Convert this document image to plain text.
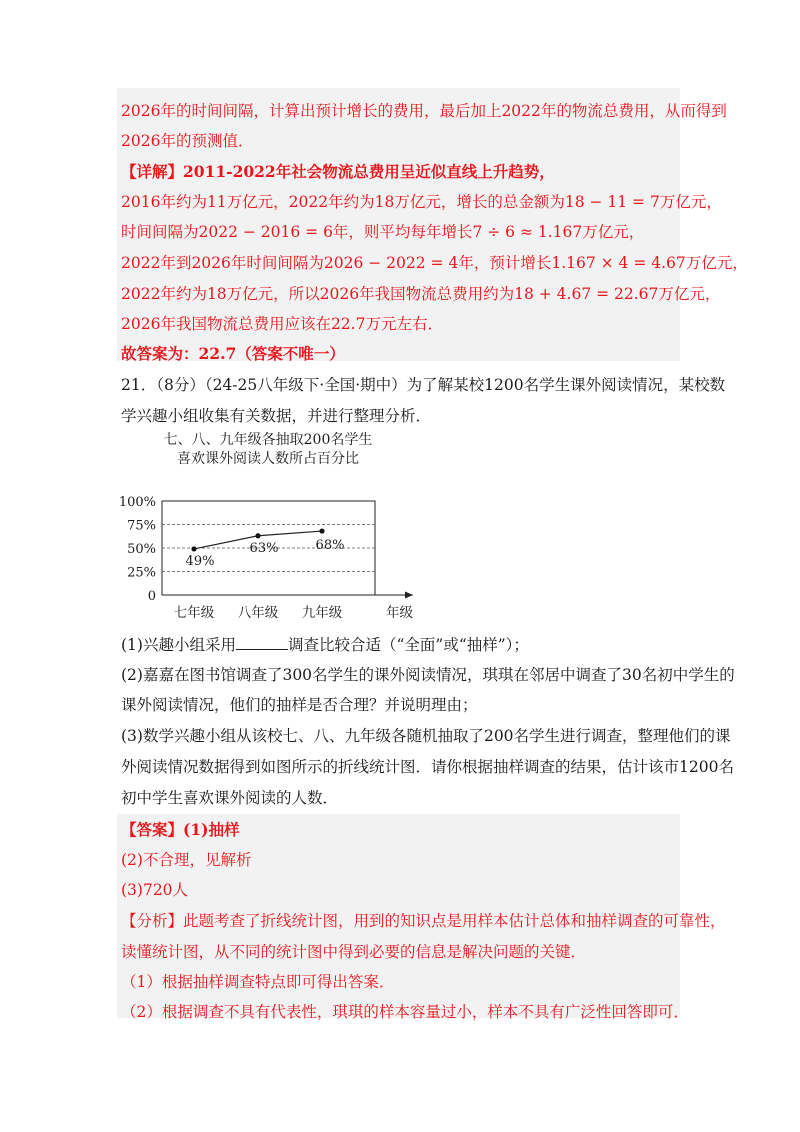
2026年的时间间隔，计算出预计增长的费用，最后加上2022年的物流总费用，从而得到
2026年的预测值．
【详解】2011-2022年社会物流总费用呈近似直线上升趋势，
2016年约为11万亿元，2022年约为18万亿元，增长的总金额为18 − 11 = 7万亿元，
时间间隔为2022 − 2016 = 6年，则平均每年增长7 ÷ 6 ≈ 1.167万亿元，
2022年到2026年时间间隔为2026 − 2022 = 4年，预计增长1.167 × 4 = 4.67万亿元，
2022年约为18万亿元，所以2026年我国物流总费用约为18 + 4.67 = 22.67万亿元，
2026年我国物流总费用应该在22.7万元左右．
故答案为：22.7（答案不唯一）
21．（8分）（24-25八年级下·全国·期中）为了解某校1200名学生课外阅读情况，某校数
学兴趣小组收集有关数据，并进行整理分析．
七、八、九年级各抽取200名学生
喜欢课外阅读人数所占百分比
100%
75%
50%
25%
0
七年级 八年级 九年级	年级
49%
63%	68%
(1)兴趣小组采用	调查比较合适（“全面”或“抽样”）；
(2)嘉嘉在图书馆调查了300名学生的课外阅读情况，琪琪在邻居中调查了30名初中学生的
课外阅读情况，他们的抽样是否合理？并说明理由；
(3)数学兴趣小组从该校七、八、九年级各随机抽取了200名学生进行调查，整理他们的课
外阅读情况数据得到如图所示的折线统计图．请你根据抽样调查的结果，估计该市1200名
初中学生喜欢课外阅读的人数．
【答案】(1)抽样
(2)不合理，见解析
(3)720人
【分析】此题考查了折线统计图，用到的知识点是用样本估计总体和抽样调查的可靠性，
读懂统计图，从不同的统计图中得到必要的信息是解决问题的关键．
（1）根据抽样调查特点即可得出答案．
（2）根据调查不具有代表性，琪琪的样本容量过小，样本不具有广泛性回答即可．
